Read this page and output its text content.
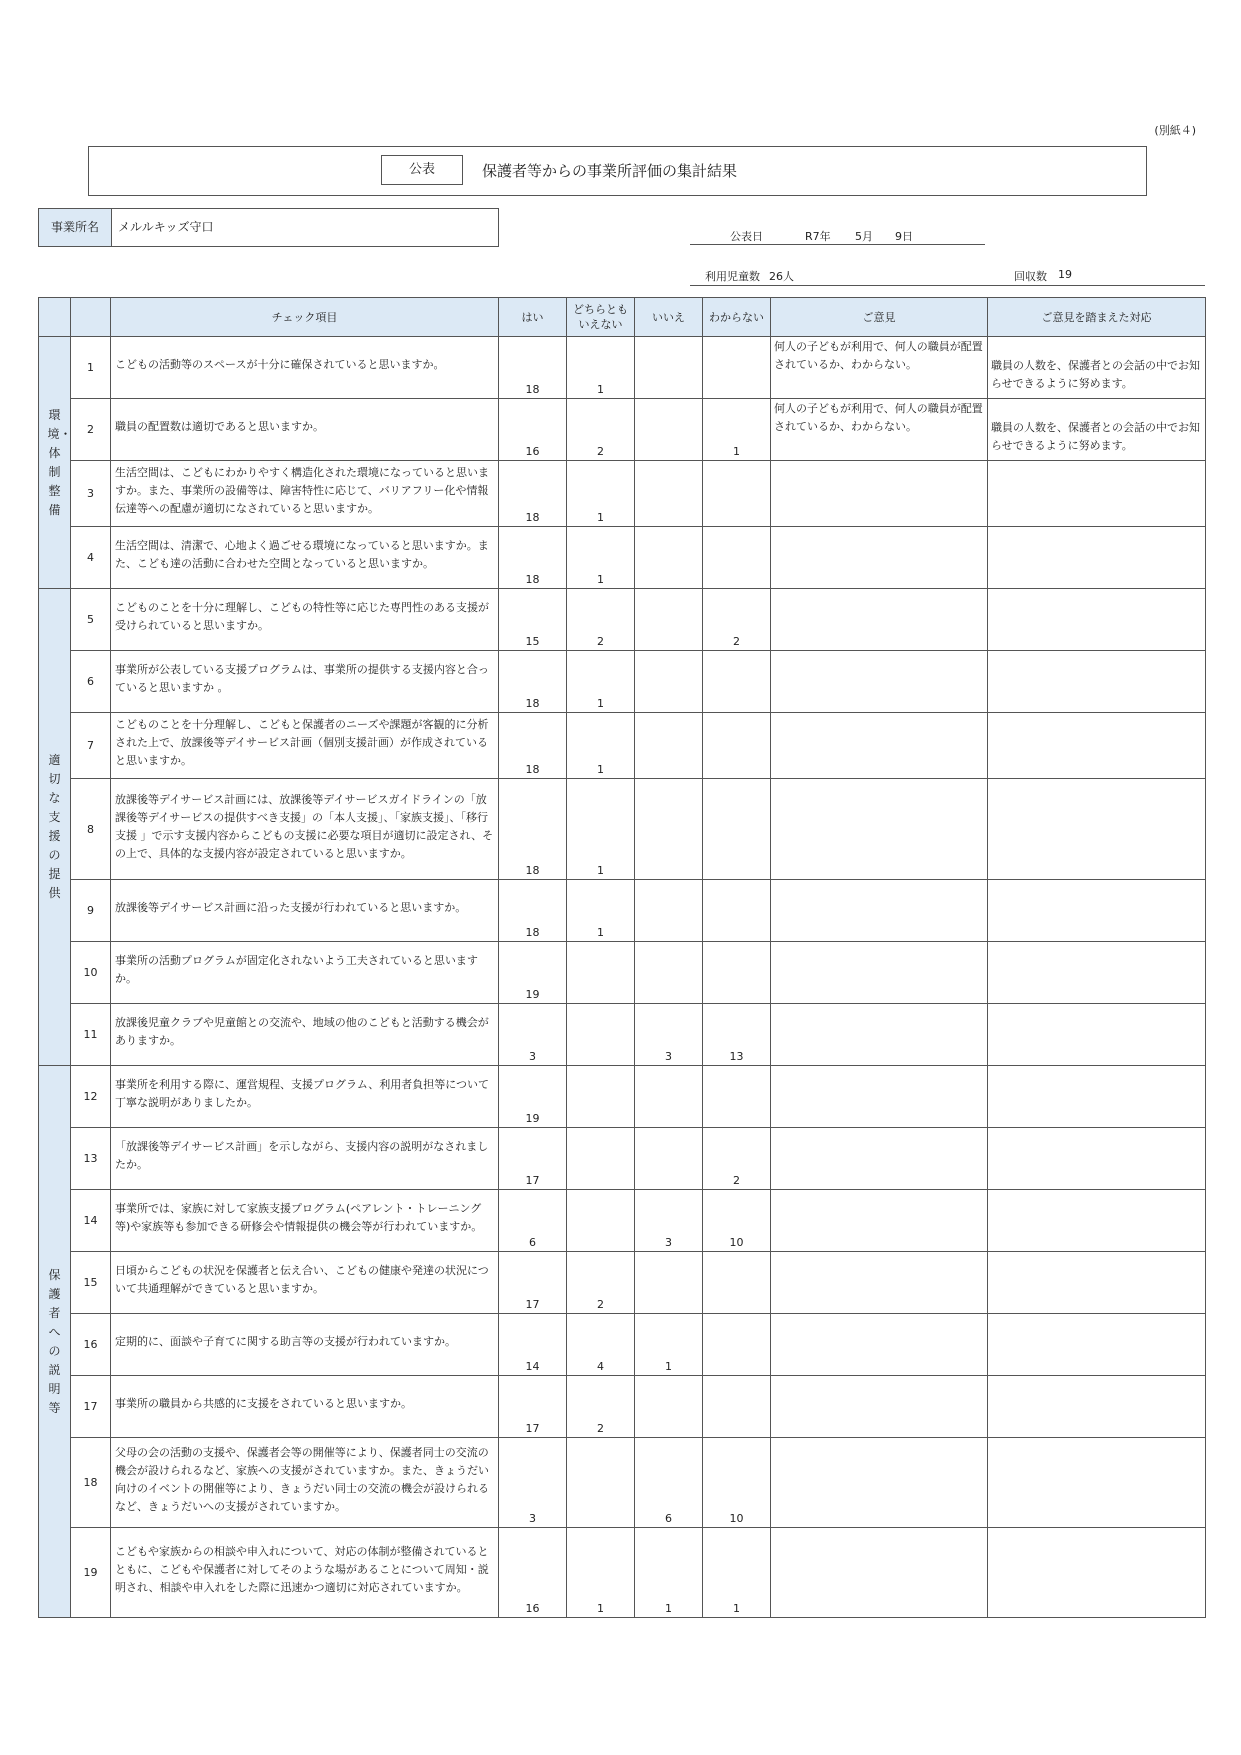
(別紙４)
公表	保護者等からの事業所評価の集計結果
事業所名	メルルキッズ守口
公表日	R7年 5月 9日
利用児童数 26人	回収数 19
		チェック項目	はい	どちらとも いえない	いいえ	わからない	ご意見	ご意見を踏まえた対応

環境・体制整備	1	こどもの活動等のスペースが十分に確保されていると思いますか。	18	1			何人の子どもが利用で、何人の職員が配置されているか、わからない。	職員の人数を、保護者との会話の中でお知らせできるように努めます。
	2	職員の配置数は適切であると思いますか。	16	2		1	何人の子どもが利用で、何人の職員が配置されているか、わからない。	職員の人数を、保護者との会話の中でお知らせできるように努めます。
	3	生活空間は、こどもにわかりやすく構造化された環境になっていると思いますか。また、事業所の設備等は、障害特性に応じて、バリアフリー化や情報伝達等への配慮が適切になされていると思いますか。	18	1				
	4	生活空間は、清潔で、心地よく過ごせる環境になっていると思いますか。また、こども達の活動に合わせた空間となっていると思いますか。	18	1				

適切な支援の提供	5	こどものことを十分に理解し、こどもの特性等に応じた専門性のある支援が受けられていると思いますか。	15	2		2		
	6	事業所が公表している支援プログラムは、事業所の提供する支援内容と合っていると思いますか 。	18	1				
	7	こどものことを十分理解し、こどもと保護者のニーズや課題が客観的に分析された上で、放課後等デイサービス計画（個別支援計画）が作成されていると思いますか。	18	1				
	8	放課後等デイサービス計画には、放課後等デイサービスガイドラインの「放課後等デイサービスの提供すべき支援」の「本人支援」、「家族支援」、「移行支援 」で示す支援内容からこどもの支援に必要な項目が適切に設定され、その上で、具体的な支援内容が設定されていると思いますか。	18	1				
	9	放課後等デイサービス計画に沿った支援が行われていると思いますか。	18	1				
	10	事業所の活動プログラムが固定化されないよう工夫されていると思いますか。	19					
	11	放課後児童クラブや児童館との交流や、地域の他のこどもと活動する機会がありますか。	3		3	13		

保護者への説明等	12	事業所を利用する際に、運営規程、支援プログラム、利用者負担等について丁寧な説明がありましたか。	19					
	13	「放課後等デイサービス計画」を示しながら、支援内容の説明がなされましたか。	17			2		
	14	事業所では、家族に対して家族支援プログラム(ペアレント・トレーニング等)や家族等も参加できる研修会や情報提供の機会等が行われていますか。	6		3	10		
	15	日頃からこどもの状況を保護者と伝え合い、こどもの健康や発達の状況について共通理解ができていると思いますか。	17	2				
	16	定期的に、面談や子育てに関する助言等の支援が行われていますか。	14	4	1			
	17	事業所の職員から共感的に支援をされていると思いますか。	17	2				
	18	父母の会の活動の支援や、保護者会等の開催等により、保護者同士の交流の機会が設けられるなど、家族への支援がされていますか。また、きょうだい向けのイベントの開催等により、きょうだい同士の交流の機会が設けられるなど、きょうだいへの支援がされていますか。	3		6	10		
	19	こどもや家族からの相談や申入れについて、対応の体制が整備されているとともに、こどもや保護者に対してそのような場があることについて周知・説明され、相談や申入れをした際に迅速かつ適切に対応されていますか。	16	1	1	1		
